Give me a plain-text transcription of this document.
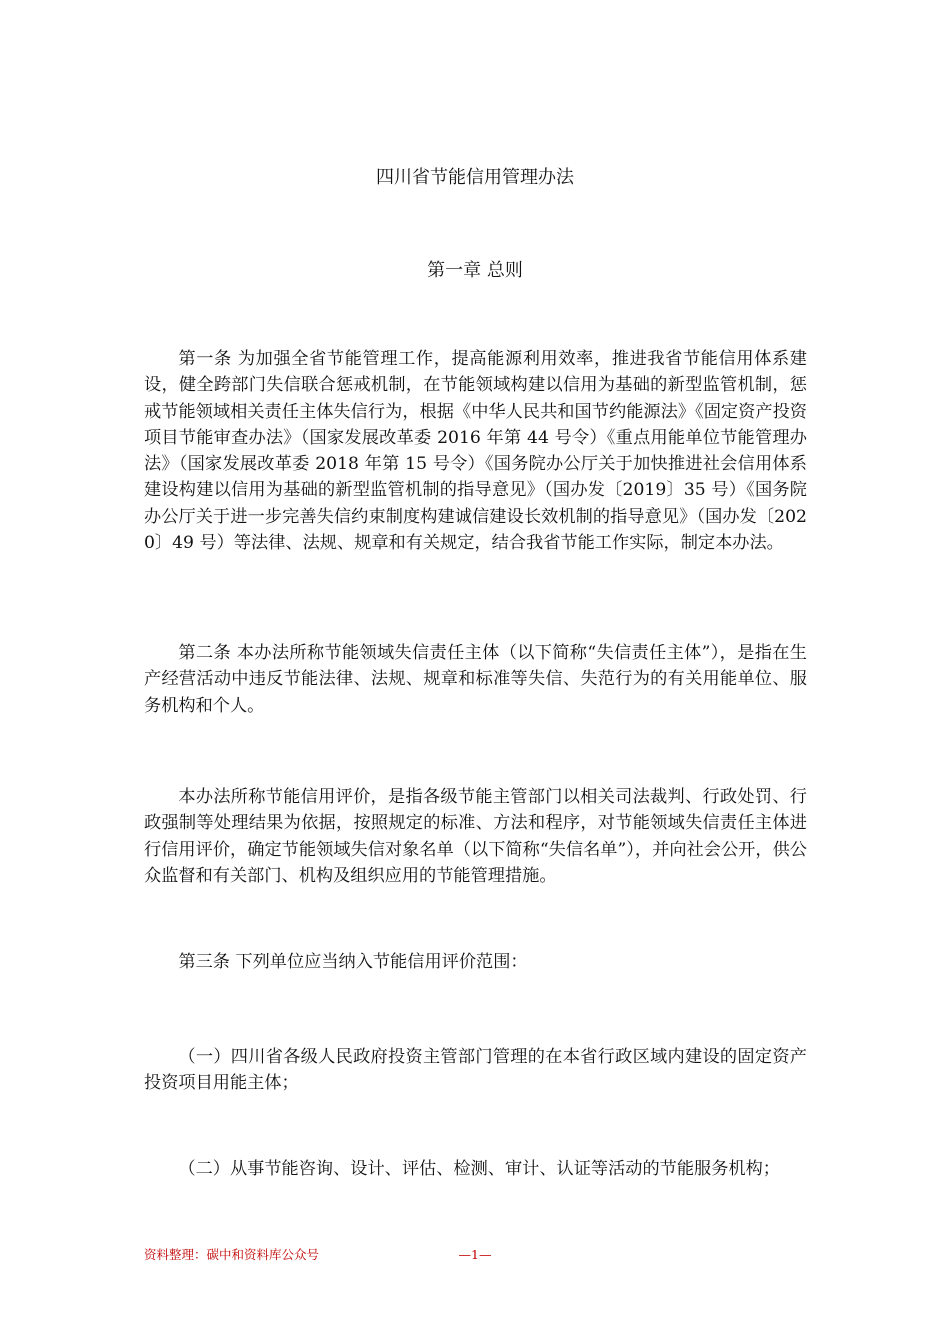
四川省节能信用管理办法
第一章 总则

第一条 为加强全省节能管理工作，提高能源利用效率，推进我省节能信用体系建设，健全跨部门失信联合惩戒机制，在节能领域构建以信用为基础的新型监管机制，惩戒节能领域相关责任主体失信行为，根据《中华人民共和国节约能源法》《固定资产投资项目节能审查办法》（国家发展改革委 2016 年第 44 号令）《重点用能单位节能管理办法》（国家发展改革委 2018 年第 15 号令）《国务院办公厅关于加快推进社会信用体系建设构建以信用为基础的新型监管机制的指导意见》（国办发〔2019〕35 号）《国务院办公厅关于进一步完善失信约束制度构建诚信建设长效机制的指导意见》（国办发〔2020〕49 号）等法律、法规、规章和有关规定，结合我省节能工作实际，制定本办法。

第二条 本办法所称节能领域失信责任主体（以下简称“失信责任主体”），是指在生产经营活动中违反节能法律、法规、规章和标准等失信、失范行为的有关用能单位、服务机构和个人。

本办法所称节能信用评价，是指各级节能主管部门以相关司法裁判、行政处罚、行政强制等处理结果为依据，按照规定的标准、方法和程序，对节能领域失信责任主体进行信用评价，确定节能领域失信对象名单（以下简称“失信名单”），并向社会公开，供公众监督和有关部门、机构及组织应用的节能管理措施。

第三条 下列单位应当纳入节能信用评价范围：

（一）四川省各级人民政府投资主管部门管理的在本省行政区域内建设的固定资产投资项目用能主体；

（二）从事节能咨询、设计、评估、检测、审计、认证等活动的节能服务机构；

资料整理：碳中和资料库公众号	—1—
